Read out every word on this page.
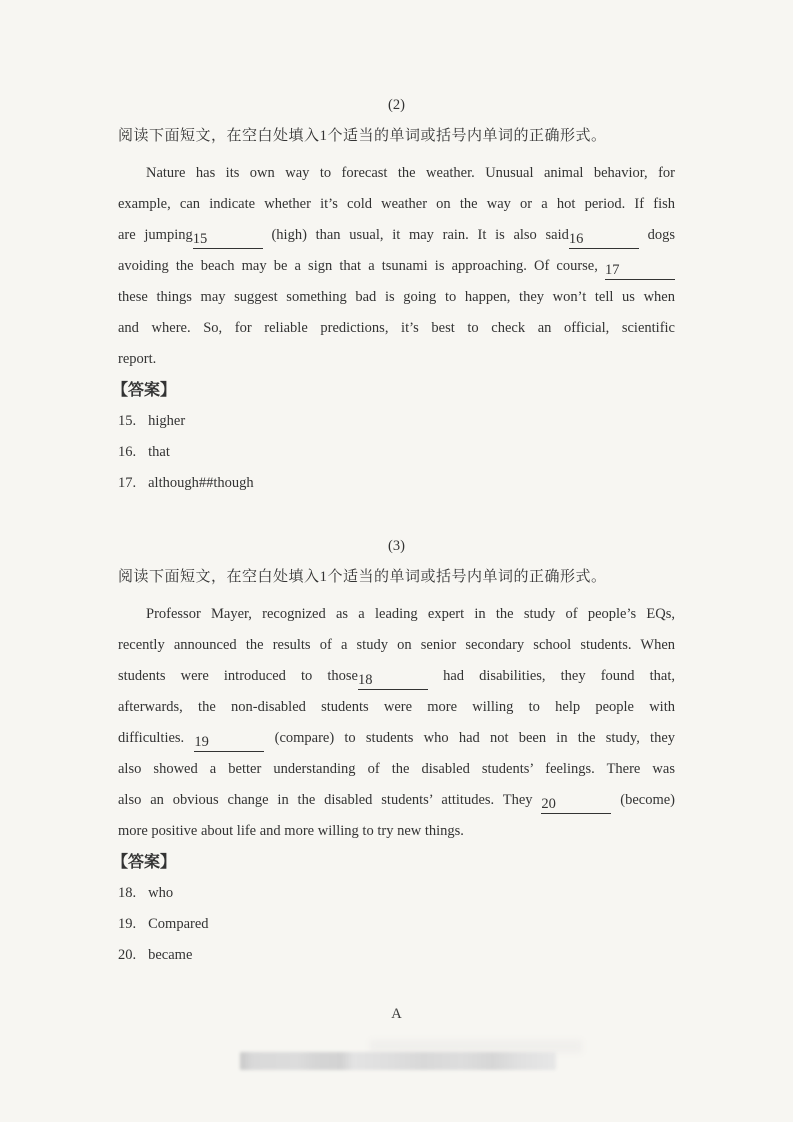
(2)
阅读下面短文，在空白处填入1个适当的单词或括号内单词的正确形式。
Nature has its own way to forecast the weather. Unusual animal behavior, for
example, can indicate whether it’s cold weather on the way or a hot period. If fish
are jumping15	(high) than usual, it may rain. It is also said16	dogs
avoiding the beach may be a sign that a tsunami is approaching. Of course, 17
these things may suggest something bad is going to happen, they won’t tell us when
and where. So, for reliable predictions, it’s best to check an official, scientific
report.
【答案】
15. higher
16. that
17. although##though
(3)
阅读下面短文，在空白处填入1个适当的单词或括号内单词的正确形式。
Professor Mayer, recognized as a leading expert in the study of people’s EQs,
recently announced the results of a study on senior secondary school students. When
students were introduced to those18	had disabilities, they found that,
afterwards, the non-disabled students were more willing to help people with
difficulties. 19	(compare) to students who had not been in the study, they
also showed a better understanding of the disabled students’ feelings. There was
also an obvious change in the disabled students’ attitudes. They 20	(become)
more positive about life and more willing to try new things.
【答案】
18. who
19. Compared
20. became
A
